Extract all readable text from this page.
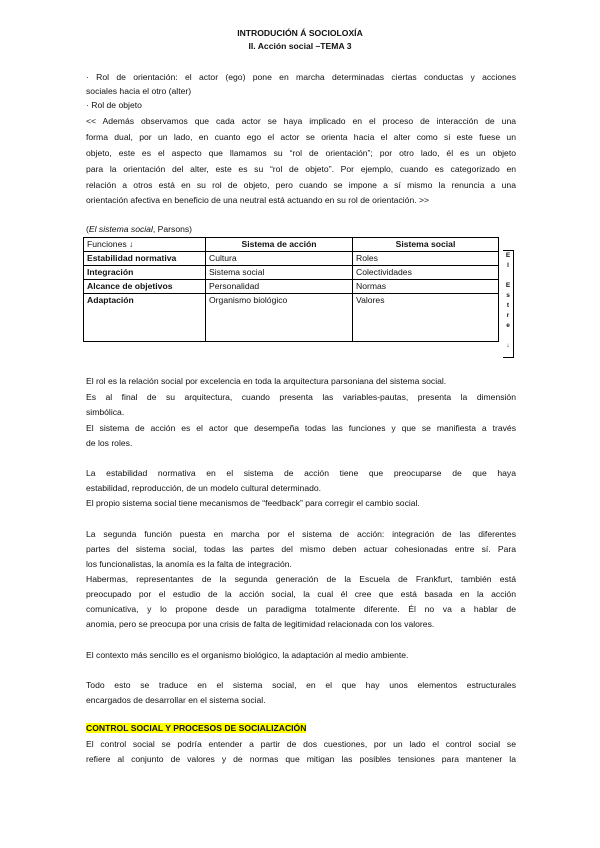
INTRODUCIÓN Á SOCIOLOXÍA
II. Acción social –TEMA 3
· Rol de orientación: el actor (ego) pone en marcha determinadas ciertas conductas y acciones
sociales hacia el otro (alter)
· Rol de objeto
<< Además observamos que cada actor se haya implicado en el proceso de interacción de una
forma dual, por un lado, en cuanto ego el actor se orienta hacia el alter como si este fuese un
objeto, este es el aspecto que llamamos su “rol de orientación”; por otro lado, él es un objeto
para la orientación del alter, este es su “rol de objeto”. Por ejemplo, cuando es categorizado en
relación a otros está en su rol de objeto, pero cuando se impone a sí mismo la renuncia a una
orientación afectiva en beneficio de una neutral está actuando en su rol de orientación. >>
(El sistema social, Parsons)
Funciones ↓	Sistema de acción	Sistema social
Estabilidad normativa	Cultura	Roles
Integración	Sistema social	Colectividades
Alcance de objetivos	Personalidad	Normas
Adaptación	Organismo biológico	Valores
E
l
E
s
t
r
e
↓
El rol es la relación social por excelencia en toda la arquitectura parsoniana del sistema social.
Es al final de su arquitectura, cuando presenta las variables-pautas, presenta la dimensión
simbólica.
El sistema de acción es el actor que desempeña todas las funciones y que se manifiesta a través
de los roles.
La estabilidad normativa en el sistema de acción tiene que preocuparse de que haya
estabilidad, reproducción, de un modelo cultural determinado.
El propio sistema social tiene mecanismos de “feedback” para corregir el cambio social.
La segunda función puesta en marcha por el sistema de acción: integración de las diferentes
partes del sistema social, todas las partes del mismo deben actuar cohesionadas entre sí. Para
los funcionalistas, la anomía es la falta de integración.
Habermas, representantes de la segunda generación de la Escuela de Frankfurt, también está
preocupado por el estudio de la acción social, la cual él cree que está basada en la acción
comunicativa, y lo propone desde un paradigma totalmente diferente. Él no va a hablar de
anomia, pero se preocupa por una crisis de falta de legitimidad relacionada con los valores.
El contexto más sencillo es el organismo biológico, la adaptación al medio ambiente.
Todo esto se traduce en el sistema social, en el que hay unos elementos estructurales
encargados de desarrollar en el sistema social.
CONTROL SOCIAL Y PROCESOS DE SOCIALIZACIÓN
El control social se podría entender a partir de dos cuestiones, por un lado el control social se
refiere al conjunto de valores y de normas que mitigan las posibles tensiones para mantener la
